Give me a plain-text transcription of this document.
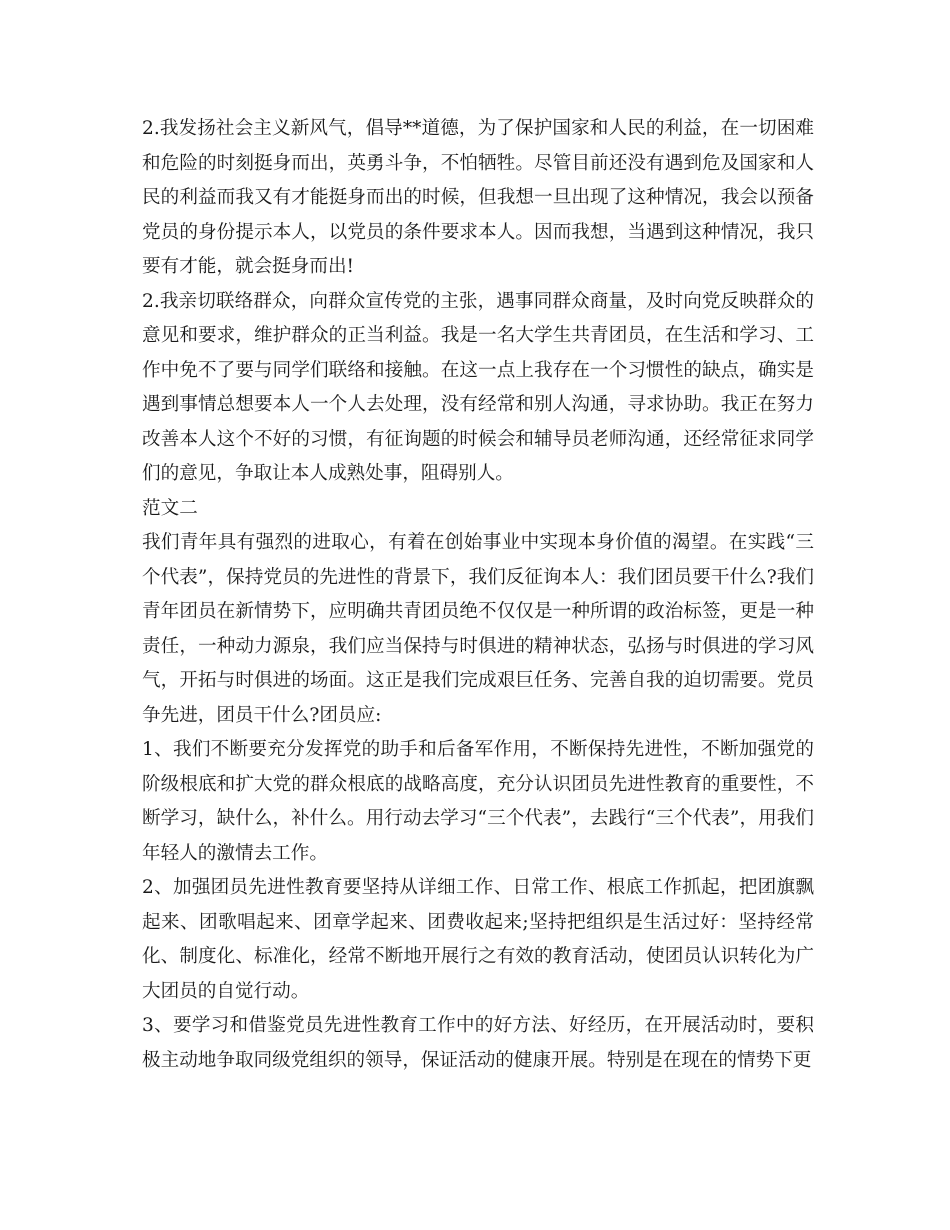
2.我发扬社会主义新风气，倡导**道德，为了保护国家和人民的利益，在一切困难和危险的时刻挺身而出，英勇斗争，不怕牺牲。尽管目前还没有遇到危及国家和人民的利益而我又有才能挺身而出的时候，但我想一旦出现了这种情况，我会以预备党员的身份提示本人，以党员的条件要求本人。因而我想，当遇到这种情况，我只要有才能，就会挺身而出!

2.我亲切联络群众，向群众宣传党的主张，遇事同群众商量，及时向党反映群众的意见和要求，维护群众的正当利益。我是一名大学生共青团员，在生活和学习、工作中免不了要与同学们联络和接触。在这一点上我存在一个习惯性的缺点，确实是遇到事情总想要本人一个人去处理，没有经常和别人沟通，寻求协助。我正在努力改善本人这个不好的习惯，有征询题的时候会和辅导员老师沟通，还经常征求同学们的意见，争取让本人成熟处事，阻碍别人。

范文二

我们青年具有强烈的进取心，有着在创始事业中实现本身价值的渴望。在实践“三个代表”，保持党员的先进性的背景下，我们反征询本人：我们团员要干什么?我们青年团员在新情势下，应明确共青团员绝不仅仅是一种所谓的政治标签，更是一种责任，一种动力源泉，我们应当保持与时俱进的精神状态，弘扬与时俱进的学习风气，开拓与时俱进的场面。这正是我们完成艰巨任务、完善自我的迫切需要。党员争先进，团员干什么?团员应:

1、我们不断要充分发挥党的助手和后备军作用，不断保持先进性，不断加强党的阶级根底和扩大党的群众根底的战略高度，充分认识团员先进性教育的重要性，不断学习，缺什么，补什么。用行动去学习“三个代表”，去践行“三个代表”，用我们年轻人的激情去工作。

2、加强团员先进性教育要坚持从详细工作、日常工作、根底工作抓起，把团旗飘起来、团歌唱起来、团章学起来、团费收起来;坚持把组织是生活过好：坚持经常化、制度化、标准化，经常不断地开展行之有效的教育活动，使团员认识转化为广大团员的自觉行动。

3、要学习和借鉴党员先进性教育工作中的好方法、好经历，在开展活动时，要积极主动地争取同级党组织的领导，保证活动的健康开展。特别是在现在的情势下更
